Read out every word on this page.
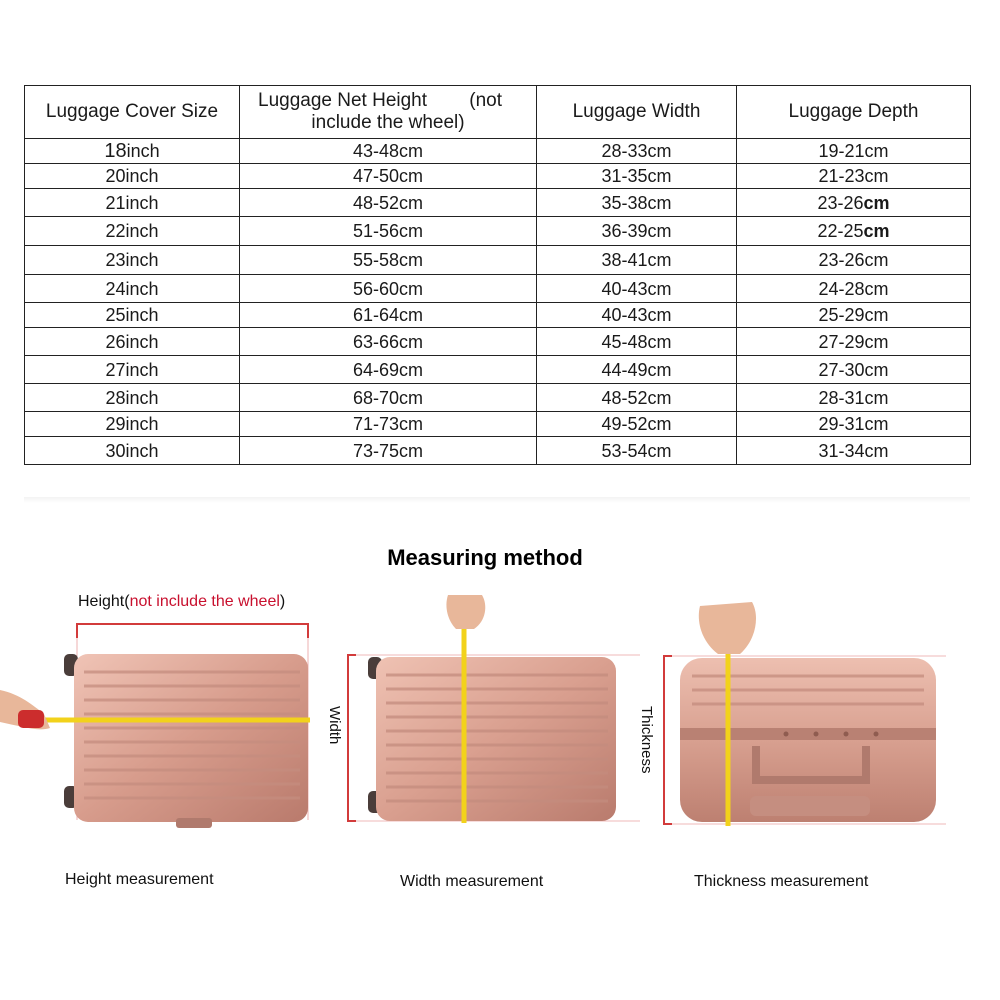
Luggage Cover Size	Luggage Net Height        (not
include the wheel)	Luggage Width	Luggage Depth
18inch	43-48cm	28-33cm	19-21cm
20inch	47-50cm	31-35cm	21-23cm
21inch	48-52cm	35-38cm	23-26cm
22inch	51-56cm	36-39cm	22-25cm
23inch	55-58cm	38-41cm	23-26cm
24inch	56-60cm	40-43cm	24-28cm
25inch	61-64cm	40-43cm	25-29cm
26inch	63-66cm	45-48cm	27-29cm
27inch	64-69cm	44-49cm	27-30cm
28inch	68-70cm	48-52cm	28-31cm
29inch	71-73cm	49-52cm	29-31cm
30inch	73-75cm	53-54cm	31-34cm
Measuring method
Height(not include the wheel)
Height measurement
Width
Width measurement
Thickness
Thickness measurement
